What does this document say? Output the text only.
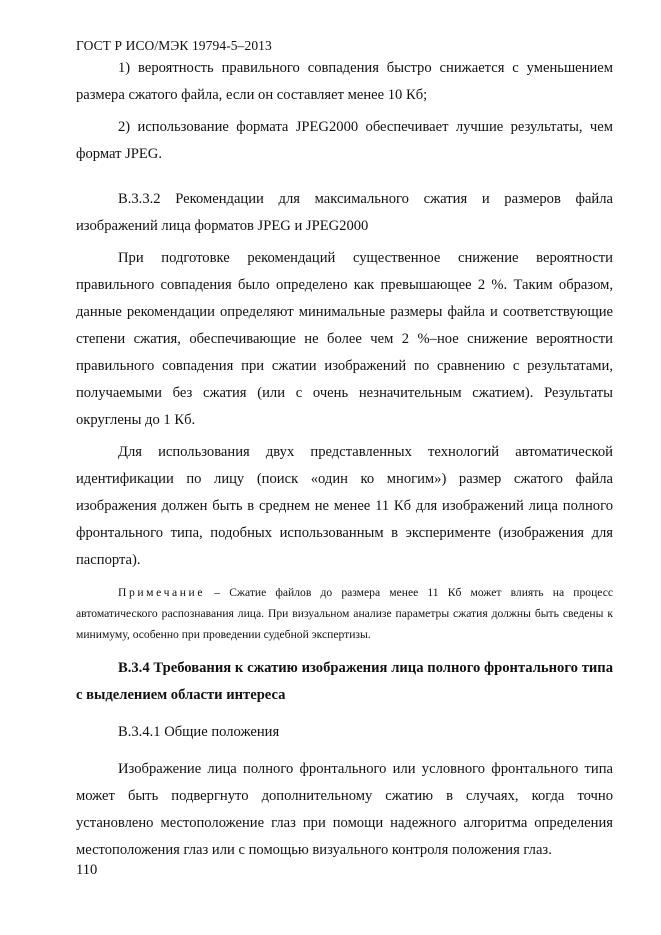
ГОСТ Р ИСО/МЭК 19794-5–2013

1) вероятность правильного совпадения быстро снижается с уменьшением размера сжатого файла, если он составляет менее 10 Кб;

2) использование формата JPEG2000 обеспечивает лучшие результаты, чем формат JPEG.

B.3.3.2 Рекомендации для максимального сжатия и размеров файла изображений лица форматов JPEG и JPEG2000

При подготовке рекомендаций существенное снижение вероятности правильного совпадения было определено как превышающее 2 %. Таким образом, данные рекомендации определяют минимальные размеры файла и соответствующие степени сжатия, обеспечивающие не более чем 2 %–ное снижение вероятности правильного совпадения при сжатии изображений по сравнению с результатами, получаемыми без сжатия (или с очень незначительным сжатием). Результаты округлены до 1 Кб.

Для использования двух представленных технологий автоматической идентификации по лицу (поиск «один ко многим») размер сжатого файла изображения должен быть в среднем не менее 11 Кб для изображений лица полного фронтального типа, подобных использованным в эксперименте (изображения для паспорта).

Примечание – Сжатие файлов до размера менее 11 Кб может влиять на процесс автоматического распознавания лица. При визуальном анализе параметры сжатия должны быть сведены к минимуму, особенно при проведении судебной экспертизы.

B.3.4 Требования к сжатию изображения лица полного фронтального типа с выделением области интереса

B.3.4.1 Общие положения

Изображение лица полного фронтального или условного фронтального типа может быть подвергнуто дополнительному сжатию в случаях, когда точно установлено местоположение глаз при помощи надежного алгоритма определения местоположения глаз или с помощью визуального контроля положения глаз.

110
